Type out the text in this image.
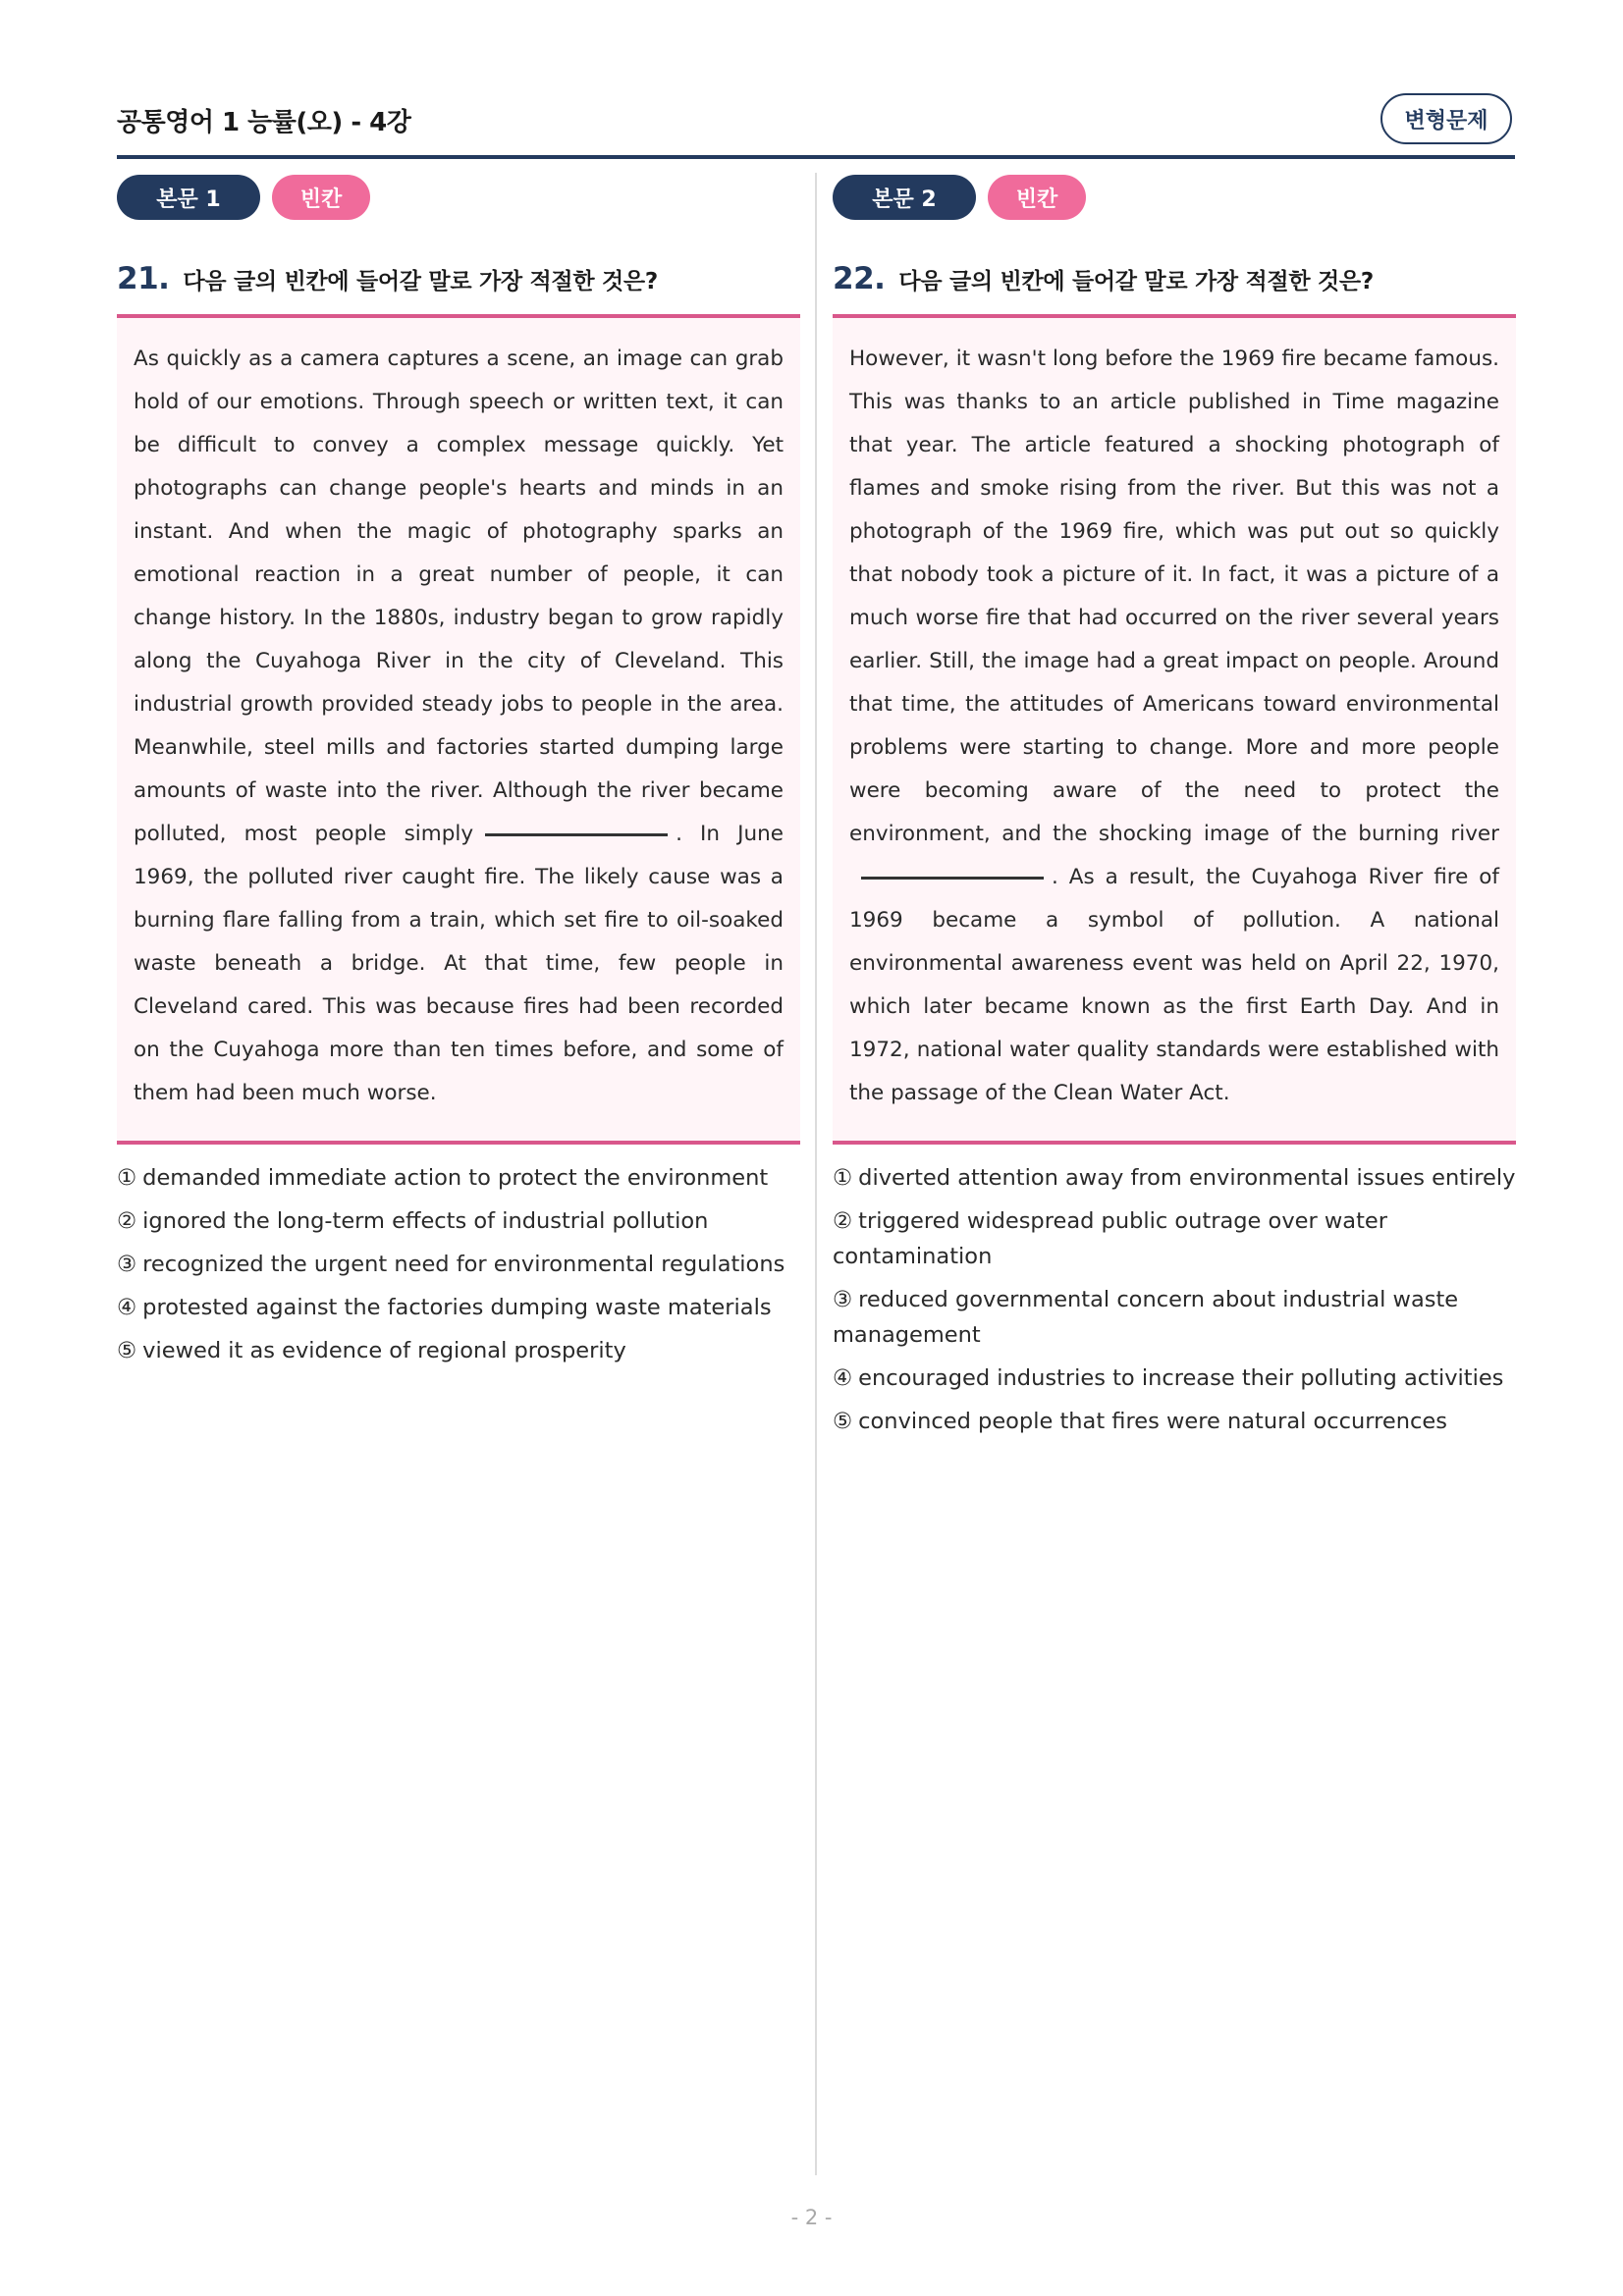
공통영어 1 능률(오) - 4강	변형문제
본문 1	빈칸
21. 다음 글의 빈칸에 들어갈 말로 가장 적절한 것은?

As quickly as a camera captures a scene, an image can grab hold of our emotions. Through speech or written text, it can be difficult to convey a complex message quickly. Yet photographs can change people's hearts and minds in an instant. And when the magic of photography sparks an emotional reaction in a great number of people, it can change history. In the 1880s, industry began to grow rapidly along the Cuyahoga River in the city of Cleveland. This industrial growth provided steady jobs to people in the area. Meanwhile, steel mills and factories started dumping large amounts of waste into the river. Although the river became polluted, most people simply	. In June 1969, the polluted river caught fire. The likely cause was a burning flare falling from a train, which set fire to oil-soaked waste beneath a bridge. At that time, few people in Cleveland cared. This was because fires had been recorded on the Cuyahoga more than ten times before, and some of them had been much worse.

① demanded immediate action to protect the environment
② ignored the long-term effects of industrial pollution
③ recognized the urgent need for environmental regulations
④ protested against the factories dumping waste materials
⑤ viewed it as evidence of regional prosperity
본문 2	빈칸
22. 다음 글의 빈칸에 들어갈 말로 가장 적절한 것은?

However, it wasn't long before the 1969 fire became famous. This was thanks to an article published in Time magazine that year. The article featured a shocking photograph of flames and smoke rising from the river. But this was not a photograph of the 1969 fire, which was put out so quickly that nobody took a picture of it. In fact, it was a picture of a much worse fire that had occurred on the river several years earlier. Still, the image had a great impact on people. Around that time, the attitudes of Americans toward environmental problems were starting to change. More and more people were becoming aware of the need to protect the environment, and the shocking image of the burning river. As a result, the Cuyahoga River fire of 1969 became a symbol of pollution. A national environmental awareness event was held on April 22, 1970, which later became known as the first Earth Day. And in 1972, national water quality standards were established with the passage of the Clean Water Act.

① diverted attention away from environmental issues entirely
② triggered widespread public outrage over water contamination
③ reduced governmental concern about industrial waste management
④ encouraged industries to increase their polluting activities
⑤ convinced people that fires were natural occurrences
- 2 -
